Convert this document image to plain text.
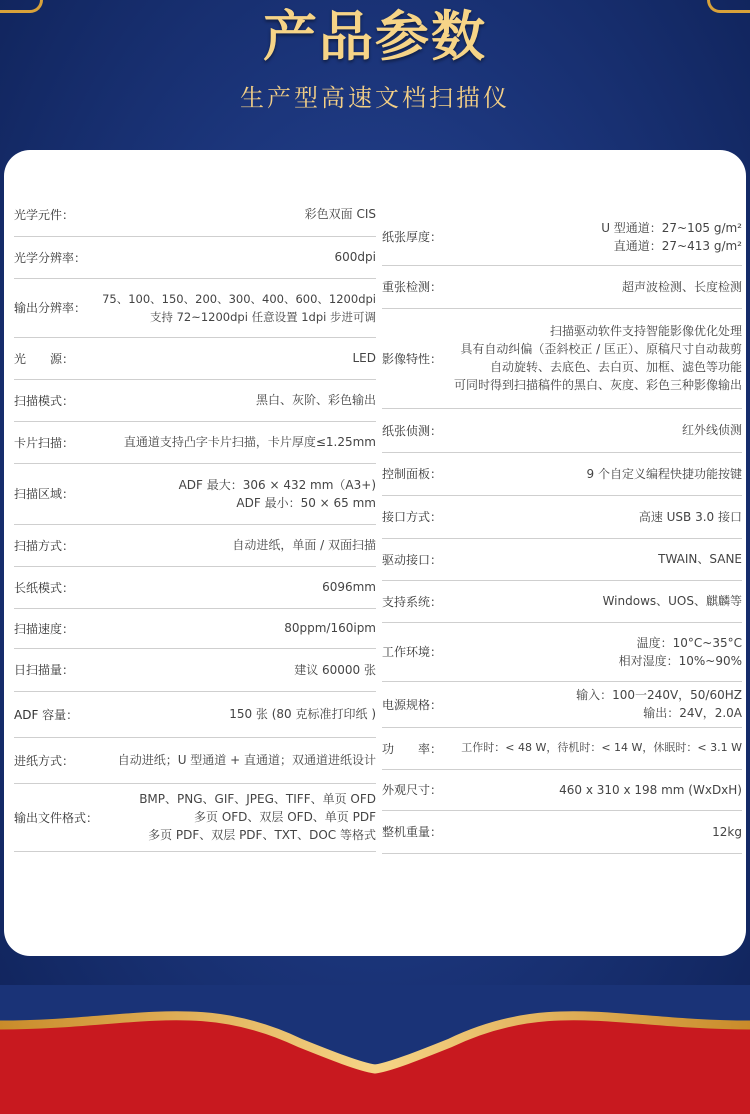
产品参数
生产型高速文档扫描仪
光学元件：	彩色双面 CIS
光学分辨率：	600dpi
输出分辨率：
75、100、150、200、300、400、600、1200dpi
支持 72~1200dpi 任意设置 1dpi 步进可调
光　　源：	LED
扫描模式：	黑白、灰阶、彩色输出
卡片扫描：	直通道支持凸字卡片扫描，卡片厚度≤1.25mm
扫描区域：
ADF 最大：306 × 432 mm（A3+)
ADF 最小：50 × 65 mm
扫描方式：	自动进纸，单面 / 双面扫描
长纸模式：	6096mm
扫描速度：	80ppm/160ipm
日扫描量：	建议 60000 张
ADF 容量：	150 张 (80 克标准打印纸 )
进纸方式：	自动进纸；U 型通道 + 直通道；双通道进纸设计
输出文件格式：
BMP、PNG、GIF、JPEG、TIFF、单页 OFD
多页 OFD、双层 OFD、单页 PDF
多页 PDF、双层 PDF、TXT、DOC 等格式
纸张厚度：
U 型通道：27~105 g/m²
直通道：27~413 g/m²
重张检测：	超声波检测、长度检测
影像特性：
扫描驱动软件支持智能影像优化处理
具有自动纠偏（歪斜校正 / 匡正）、原稿尺寸自动裁剪
自动旋转、去底色、去白页、加框、滤色等功能
可同时得到扫描稿件的黑白、灰度、彩色三种影像输出
纸张侦测：	红外线侦测
控制面板：	9 个自定义编程快捷功能按键
接口方式：	高速 USB 3.0 接口
驱动接口：	TWAIN、SANE
支持系统：	Windows、UOS、麒麟等
工作环境：
温度：10°C~35°C
相对湿度：10%~90%
电源规格：
输入：100一240V，50/60HZ
输出：24V，2.0A
功　　率： 工作时：< 48 W，待机时：< 14 W，休眠时：< 3.1 W
外观尺寸：	460 x 310 x 198 mm (WxDxH)
整机重量：	12kg
